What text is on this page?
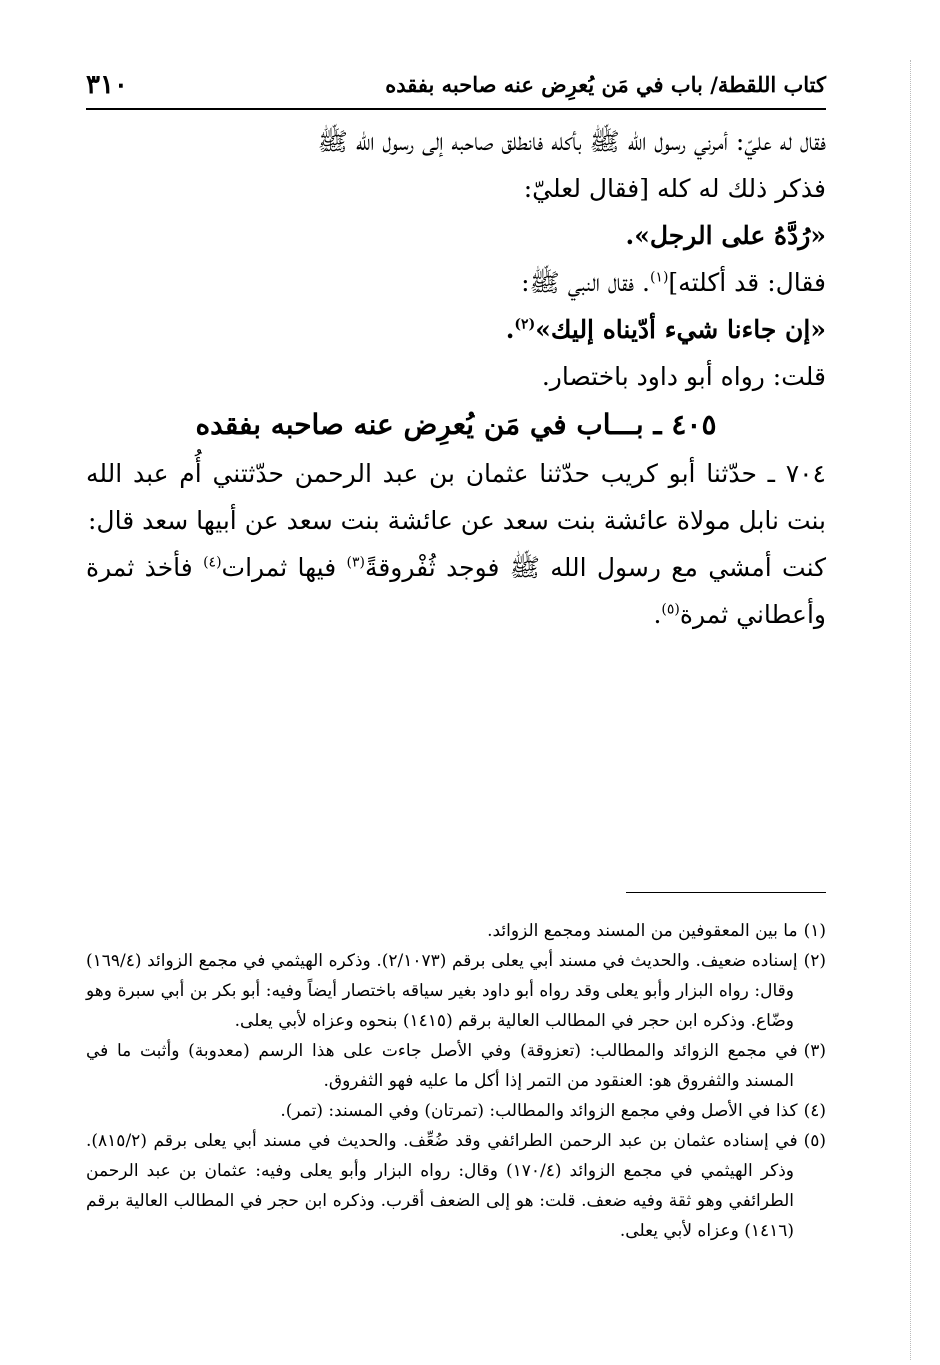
٣١٠	كتاب اللقطة/ باب في مَن يُعرِض عنه صاحبه بفقده

فقال له عليّ: أمرني رسول الله ﷺ بأكله فانطلق صاحبه إلى رسول الله ﷺ

فذكر ذلك له كله [فقال لعليّ:

«رُدَّهُ على الرجل».

فقال: قد أكلته]$^{(١)}$. فقال النبي ﷺ:

«إن جاءنا شيء أدّيناه إليك»$^{(٢)}$.

قلت: رواه أبو داود باختصار.

٤٠٥ ـ بـــاب في مَن يُعرِض عنه صاحبه بفقده

٧٠٤ ـ حدّثنا أبو كريب حدّثنا عثمان بن عبد الرحمن حدّثتني أُم عبد الله بنت نابل مولاة عائشة بنت سعد عن عائشة بنت سعد عن أبيها سعد قال:

كنت أمشي مع رسول الله ﷺ فوجد ثُفْروقةً$^{(٣)}$ فيها ثمرات$^{(٤)}$ فأخذ ثمرة وأعطاني ثمرة$^{(٥)}$.

(١)ما بين المعقوفين من المسند ومجمع الزوائد.

(٢)إسناده ضعيف. والحديث في مسند أبي يعلى برقم (٢/١٠٧٣). وذكره الهيثمي في مجمع الزوائد (١٦٩/٤) وقال: رواه البزار وأبو يعلى وقد رواه أبو داود بغير سياقه باختصار أيضاً وفيه: أبو بكر بن أبي سبرة وهو وضّاع. وذكره ابن حجر في المطالب العالية برقم (١٤١٥) بنحوه وعزاه لأبي يعلى.

(٣)في مجمع الزوائد والمطالب: (تعزوقة) وفي الأصل جاءت على هذا الرسم (معدوبة) وأثبت ما في المسند والثفروق هو: العنقود من التمر إذا أكل ما عليه فهو الثفروق.

(٤)كذا في الأصل وفي مجمع الزوائد والمطالب: (تمرتان) وفي المسند: (تمر).

(٥)في إسناده عثمان بن عبد الرحمن الطرائفي وقد ضُعِّف. والحديث في مسند أبي يعلى برقم (٨١٥/٢). وذكر الهيثمي في مجمع الزوائد (١٧٠/٤) وقال: رواه البزار وأبو يعلى وفيه: عثمان بن عبد الرحمن الطرائفي وهو ثقة وفيه ضعف. قلت: هو إلى الضعف أقرب. وذكره ابن حجر في المطالب العالية برقم (١٤١٦) وعزاه لأبي يعلى.
